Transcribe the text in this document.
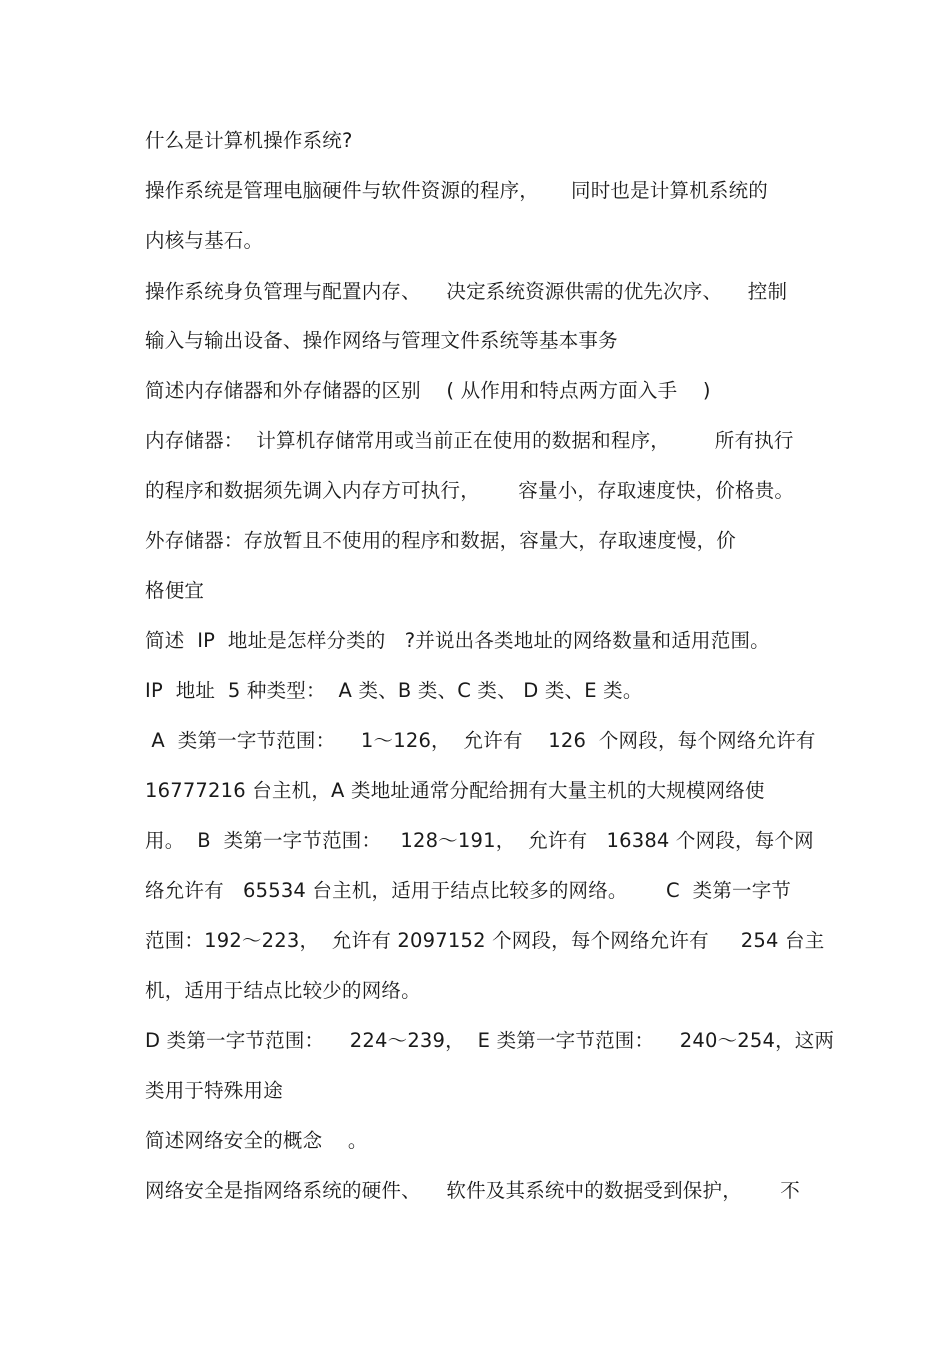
什么是计算机操作系统?
操作系统是管理电脑硬件与软件资源的程序，     同时也是计算机系统的
内核与基石。
操作系统身负管理与配置内存、    决定系统资源供需的优先次序、    控制
输入与输出设备、操作网络与管理文件系统等基本事务
简述内存储器和外存储器的区别    ( 从作用和特点两方面入手    )
内存储器：  计算机存储常用或当前正在使用的数据和程序，       所有执行
的程序和数据须先调入内存方可执行，      容量小，存取速度快，价格贵。
外存储器：存放暂且不使用的程序和数据，容量大，存取速度慢，价
格便宜
简述  IP  地址是怎样分类的   ?并说出各类地址的网络数量和适用范围。
IP  地址  5 种类型：  A 类、B 类、C 类、 D 类、E 类。
A  类第一字节范围：    1～126，  允许有    126  个网段，每个网络允许有
16777216 台主机，A 类地址通常分配给拥有大量主机的大规模网络使
用。  B  类第一字节范围：   128～191，  允许有   16384 个网段，每个网
络允许有   65534 台主机，适用于结点比较多的网络。      C  类第一字节
范围：192～223，  允许有 2097152 个网段，每个网络允许有     254 台主
机，适用于结点比较少的网络。
D 类第一字节范围：    224～239，  E 类第一字节范围：    240～254，这两
类用于特殊用途
简述网络安全的概念    。
网络安全是指网络系统的硬件、    软件及其系统中的数据受到保护，      不
